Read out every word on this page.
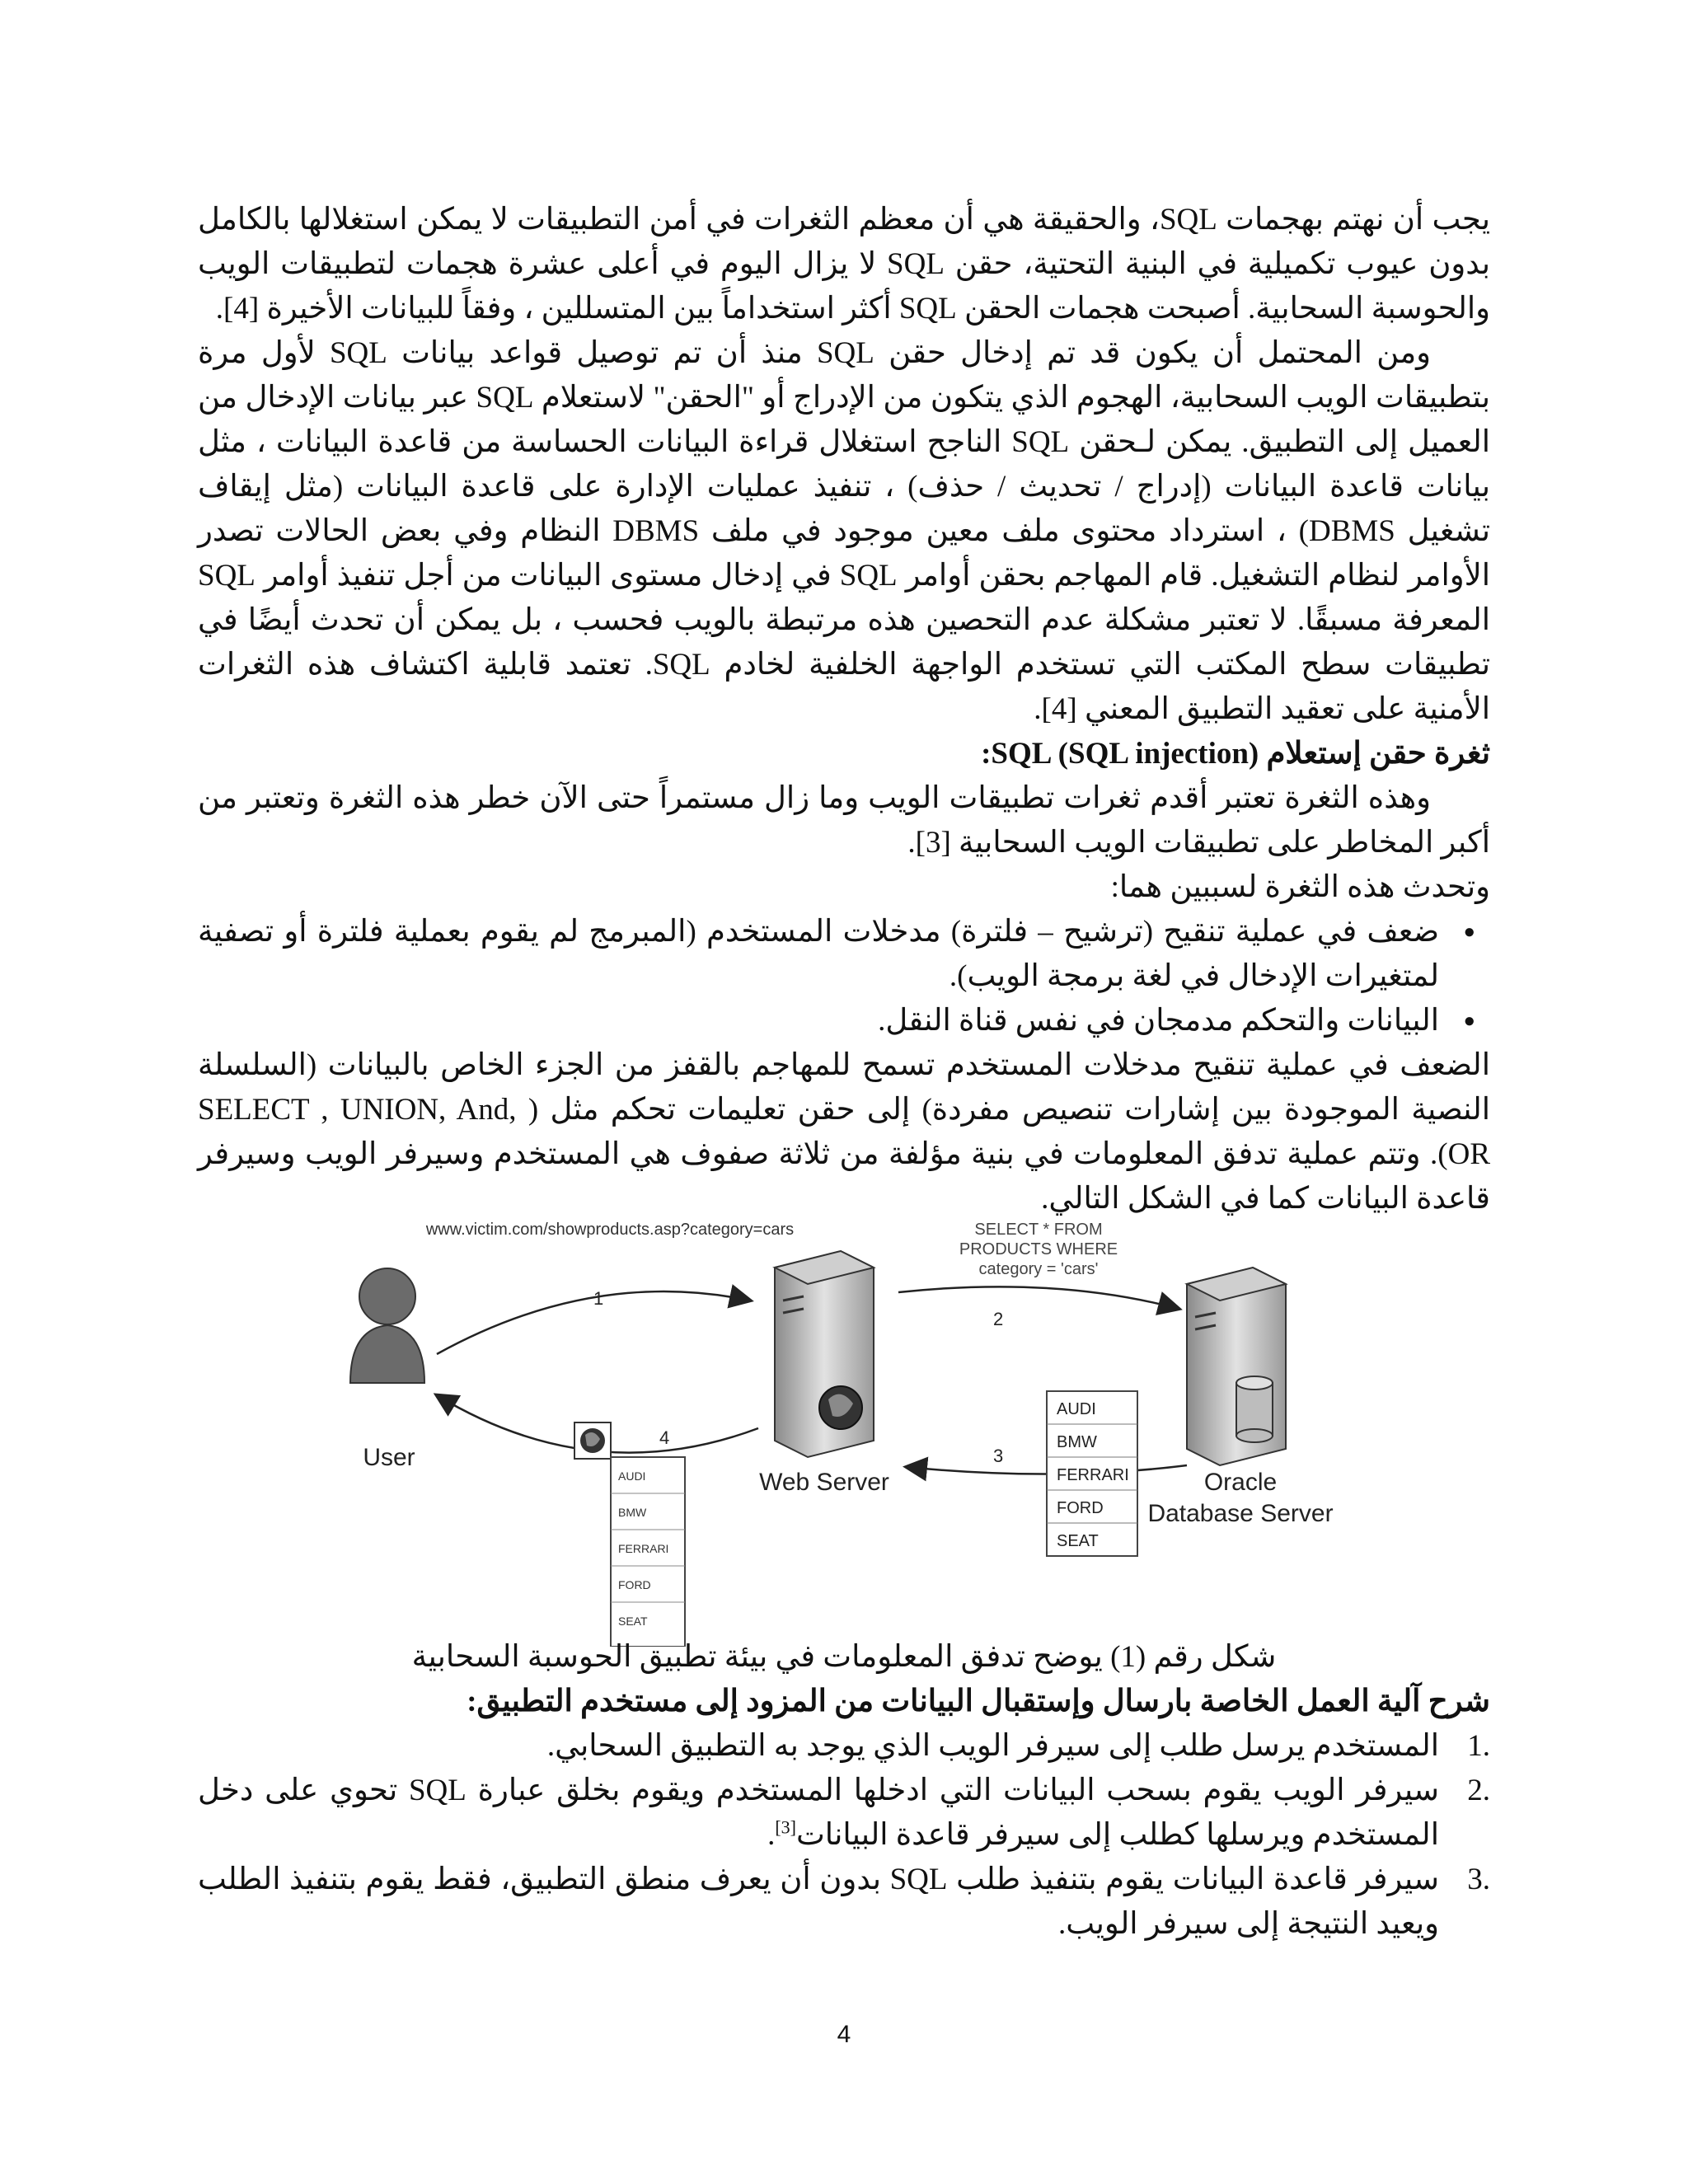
يجب أن نهتم بهجمات SQL، والحقيقة هي أن معظم الثغرات في أمن التطبيقات لا يمكن استغلالها بالكامل بدون عيوب تكميلية في البنية التحتية، حقن SQL لا يزال اليوم في أعلى عشرة هجمات لتطبيقات الويب والحوسبة السحابية. أصبحت هجمات الحقن SQL أكثر استخداماً بين المتسللين ، وفقاً للبيانات الأخيرة [4].

ومن المحتمل أن يكون قد تم إدخال حقن SQL منذ أن تم توصيل قواعد بيانات SQL لأول مرة بتطبيقات الويب السحابية، الهجوم الذي يتكون من الإدراج أو "الحقن" لاستعلام SQL عبر بيانات الإدخال من العميل إلى التطبيق. يمكن لـحقن SQL الناجح استغلال قراءة البيانات الحساسة من قاعدة البيانات ، مثل بيانات قاعدة البيانات (إدراج / تحديث / حذف) ، تنفيذ عمليات الإدارة على قاعدة البيانات (مثل إيقاف تشغيل DBMS) ، استرداد محتوى ملف معين موجود في ملف DBMS النظام وفي بعض الحالات تصدر الأوامر لنظام التشغيل. قام المهاجم بحقن أوامر SQL في إدخال مستوى البيانات من أجل تنفيذ أوامر SQL المعرفة مسبقًا. لا تعتبر مشكلة عدم التحصين هذه مرتبطة بالويب فحسب ، بل يمكن أن تحدث أيضًا في تطبيقات سطح المكتب التي تستخدم الواجهة الخلفية لخادم SQL. تعتمد قابلية اكتشاف هذه الثغرات الأمنية على تعقيد التطبيق المعني [4].

ثغرة حقن إستعلام SQL (SQL injection):

وهذه الثغرة تعتبر أقدم ثغرات تطبيقات الويب وما زال مستمراً حتى الآن خطر هذه الثغرة وتعتبر من أكبر المخاطر على تطبيقات الويب السحابية [3].

وتحدث هذه الثغرة لسببين هما:

● ضعف في عملية تنقيح (ترشيح – فلترة) مدخلات المستخدم (المبرمج لم يقوم بعملية فلترة أو تصفية لمتغيرات الإدخال في لغة برمجة الويب).
● البيانات والتحكم مدمجان في نفس قناة النقل.

الضعف في عملية تنقيح مدخلات المستخدم تسمح للمهاجم بالقفز من الجزء الخاص بالبيانات (السلسلة النصية الموجودة بين إشارات تنصيص مفردة) إلى حقن تعليمات تحكم مثل ( SELECT , UNION, And, OR). وتتم عملية تدفق المعلومات في بنية مؤلفة من ثلاثة صفوف هي المستخدم وسيرفر الويب وسيرفر قاعدة البيانات كما في الشكل التالي.

User
www.victim.com/showproducts.asp?category=cars
1
Web Server
SELECT * FROM
PRODUCTS WHERE
category = 'cars'
2
Oracle
Database Server
3
AUDI
BMW
FERRARI
FORD
SEAT
4
AUDI
BMW
FERRARI
FORD
SEAT
شكل رقم (1) يوضح تدفق المعلومات في بيئة تطبيق الحوسبة السحابية

شرح آلية العمل الخاصة بارسال وإستقبال البيانات من المزود إلى مستخدم التطبيق:

1.
المستخدم يرسل طلب إلى سيرفر الويب الذي يوجد به التطبيق السحابي.
2.
سيرفر الويب يقوم بسحب البيانات التي ادخلها المستخدم ويقوم بخلق عبارة SQL تحوي على دخل المستخدم ويرسلها كطلب إلى سيرفر قاعدة البيانات[3].
3.
سيرفر قاعدة البيانات يقوم بتنفيذ طلب SQL بدون أن يعرف منطق التطبيق، فقط يقوم بتنفيذ الطلب ويعيد النتيجة إلى سيرفر الويب.
4
